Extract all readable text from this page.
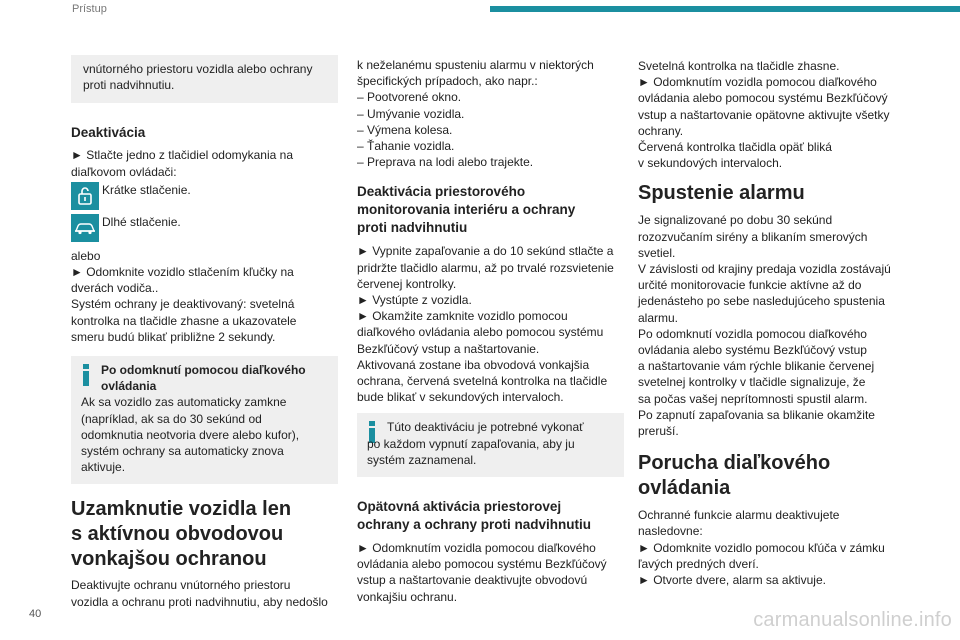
Prístup
vnútorného priestoru vozidla alebo ochrany
proti nadvihnutiu.
Deaktivácia
► Stlačte jedno z tlačidiel odomykania na
diaľkovom ovládači:
Krátke stlačenie.
Dlhé stlačenie.
alebo
► Odomknite vozidlo stlačením kľučky na
dverách vodiča..
Systém ochrany je deaktivovaný: svetelná
kontrolka na tlačidle zhasne a ukazovatele
smeru budú blikať približne 2 sekundy.
Po odomknutí pomocou diaľkového
ovládania
Ak sa vozidlo zas automaticky zamkne
(napríklad, ak sa do 30 sekúnd od
odomknutia neotvoria dvere alebo kufor),
systém ochrany sa automaticky znova
aktivuje.
Uzamknutie vozidla len
s aktívnou obvodovou
vonkajšou ochranou
Deaktivujte ochranu vnútorného priestoru
vozidla a ochranu proti nadvihnutiu, aby nedošlo
k neželanému spusteniu alarmu v niektorých
špecifických prípadoch, ako napr.:
– Pootvorené okno.
– Umývanie vozidla.
– Výmena kolesa.
– Ťahanie vozidla.
– Preprava na lodi alebo trajekte.
Deaktivácia priestorového
monitorovania interiéru a ochrany
proti nadvihnutiu
► Vypnite zapaľovanie a do 10 sekúnd stlačte a
pridržte tlačidlo alarmu, až po trvalé rozsvietenie
červenej kontrolky.
► Vystúpte z vozidla.
► Okamžite zamknite vozidlo pomocou
diaľkového ovládania alebo pomocou systému
Bezkľúčový vstup a naštartovanie.
Aktivovaná zostane iba obvodová vonkajšia
ochrana, červená svetelná kontrolka na tlačidle
bude blikať v sekundových intervaloch.
Túto deaktiváciu je potrebné vykonať
po každom vypnutí zapaľovania, aby ju
systém zaznamenal.
Opätovná aktivácia priestorovej
ochrany a ochrany proti nadvihnutiu
► Odomknutím vozidla pomocou diaľkového
ovládania alebo pomocou systému Bezkľúčový
vstup a naštartovanie deaktivujte obvodovú
vonkajšiu ochranu.
Svetelná kontrolka na tlačidle zhasne.
► Odomknutím vozidla pomocou diaľkového
ovládania alebo pomocou systému Bezkľúčový
vstup a naštartovanie opätovne aktivujte všetky
ochrany.
Červená kontrolka tlačidla opäť bliká
v sekundových intervaloch.
Spustenie alarmu
Je signalizované po dobu 30 sekúnd
rozozvučaním sirény a blikaním smerových
svetiel.
V závislosti od krajiny predaja vozidla zostávajú
určité monitorovacie funkcie aktívne až do
jedenásteho po sebe nasledujúceho spustenia
alarmu.
Po odomknutí vozidla pomocou diaľkového
ovládania alebo systému Bezkľúčový vstup
a naštartovanie vám rýchle blikanie červenej
svetelnej kontrolky v tlačidle signalizuje, že
sa počas vašej neprítomnosti spustil alarm.
Po zapnutí zapaľovania sa blikanie okamžite
preruší.
Porucha diaľkového
ovládania
Ochranné funkcie alarmu deaktivujete
nasledovne:
► Odomknite vozidlo pomocou kľúča v zámku
ľavých predných dverí.
► Otvorte dvere, alarm sa aktivuje.
40	carmanualsonline.info
